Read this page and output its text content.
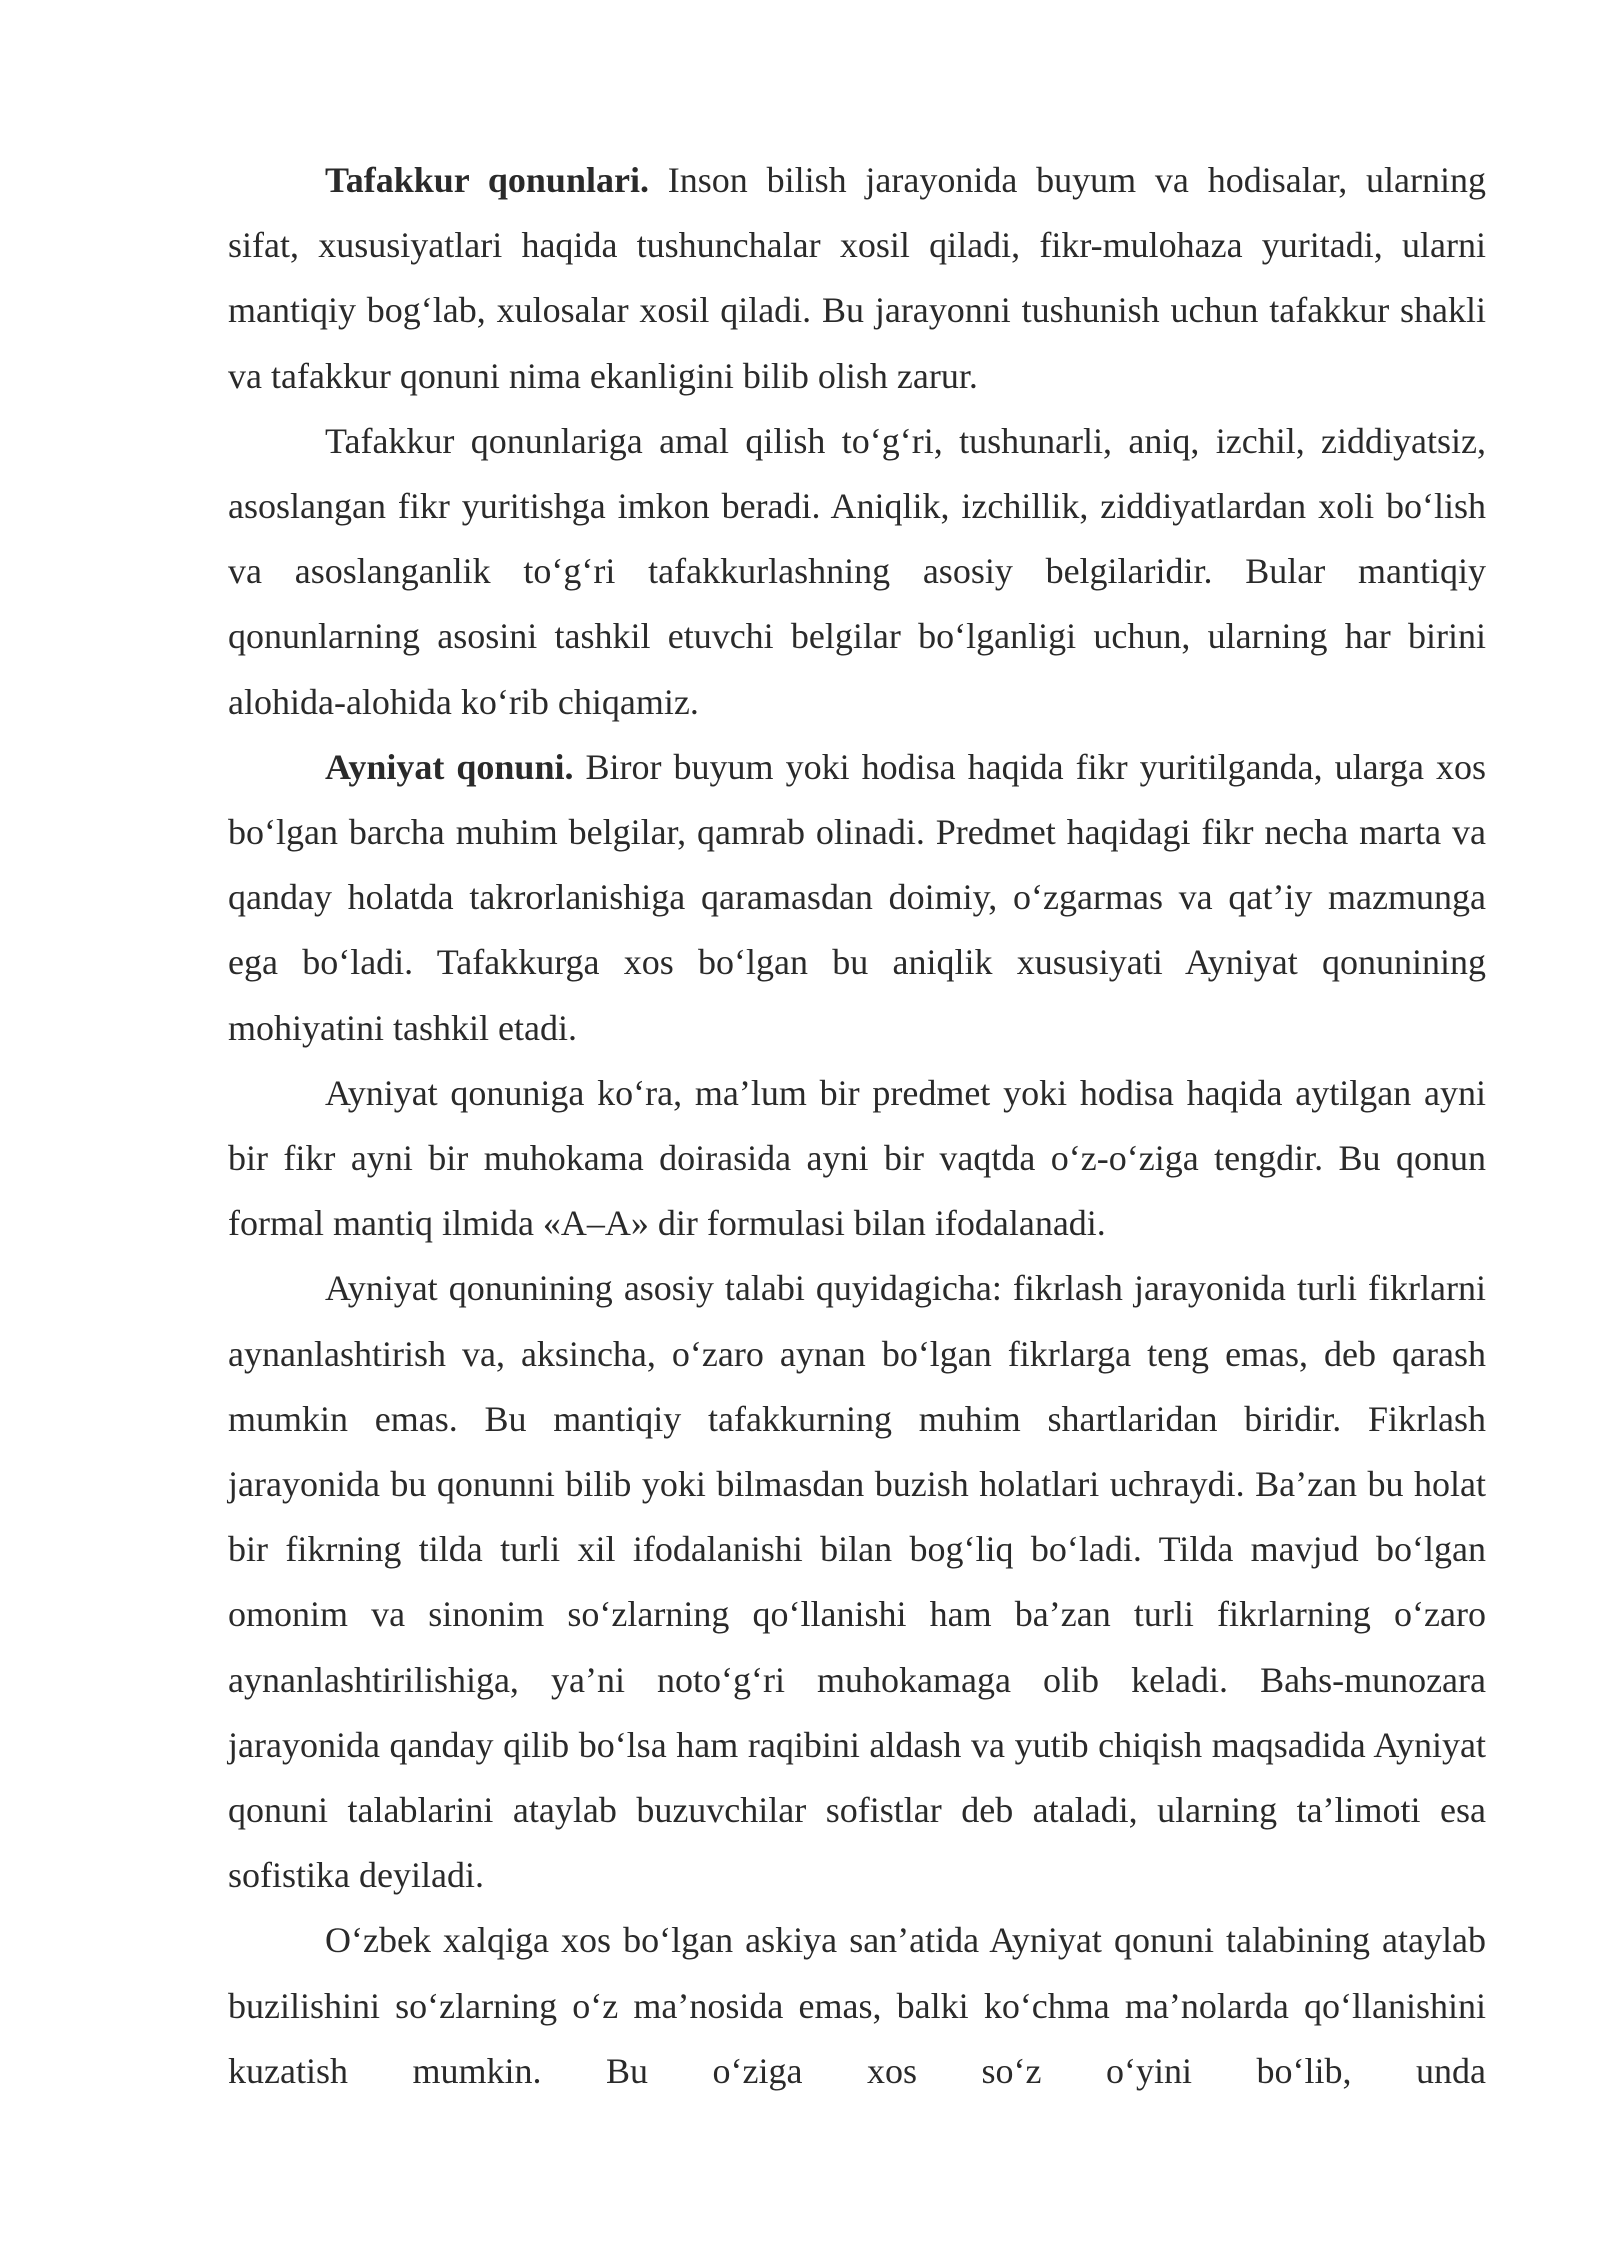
Tafakkur qonunlari. Inson bilish jarayonida buyum va hodisalar, ularning sifat, xususiyatlari haqida tushunchalar xosil qiladi, fikr-mulohaza yuritadi, ularni mantiqiy bog‘lab, xulosalar xosil qiladi. Bu jarayonni tushunish uchun tafakkur shakli va tafakkur qonuni nima ekanligini bilib olish zarur.

Tafakkur qonunlariga amal qilish to‘g‘ri, tushunarli, aniq, izchil, ziddiyatsiz, asoslangan fikr yuritishga imkon beradi. Aniqlik, izchillik, ziddiyatlardan xoli bo‘lish va asoslanganlik to‘g‘ri tafakkurlashning asosiy belgilaridir. Bular mantiqiy qonunlarning asosini tashkil etuvchi belgilar bo‘lganligi uchun, ularning har birini alohida-alohida ko‘rib chiqamiz.

Ayniyat qonuni. Biror buyum yoki hodisa haqida fikr yuritilganda, ularga xos bo‘lgan barcha muhim belgilar, qamrab olinadi. Predmet haqidagi fikr necha marta va qanday holatda takrorlanishiga qaramasdan doimiy, o‘zgarmas va qat’iy mazmunga ega bo‘ladi. Tafakkurga xos bo‘lgan bu aniqlik xususiyati Ayniyat qonunining mohiyatini tashkil etadi.

Ayniyat qonuniga ko‘ra, ma’lum bir predmet yoki hodisa haqida aytilgan ayni bir fikr ayni bir muhokama doirasida ayni bir vaqtda o‘z-o‘ziga tengdir. Bu qonun formal mantiq ilmida «A–A» dir formulasi bilan ifodalanadi.

Ayniyat qonunining asosiy talabi quyidagicha: fikrlash jarayonida turli fikrlarni aynanlashtirish va, aksincha, o‘zaro aynan bo‘lgan fikrlarga teng emas, deb qarash mumkin emas. Bu mantiqiy tafakkurning muhim shartlaridan biridir. Fikrlash jarayonida bu qonunni bilib yoki bilmasdan buzish holatlari uchraydi. Ba’zan bu holat bir fikrning tilda turli xil ifodalanishi bilan bog‘liq bo‘ladi. Tilda mavjud bo‘lgan omonim va sinonim so‘zlarning qo‘llanishi ham ba’zan turli fikrlarning o‘zaro aynanlashtirilishiga, ya’ni noto‘g‘ri muhokamaga olib keladi. Bahs-munozara jarayonida qanday qilib bo‘lsa ham raqibini aldash va yutib chiqish maqsadida Ayniyat qonuni talablarini ataylab buzuvchilar sofistlar deb ataladi, ularning ta’limoti esa sofistika deyiladi.

O‘zbek xalqiga xos bo‘lgan askiya san’atida Ayniyat qonuni talabining ataylab buzilishini so‘zlarning o‘z ma’nosida emas, balki ko‘chma ma’nolarda qo‘llanishini kuzatish mumkin. Bu o‘ziga xos so‘z o‘yini bo‘lib, unda
